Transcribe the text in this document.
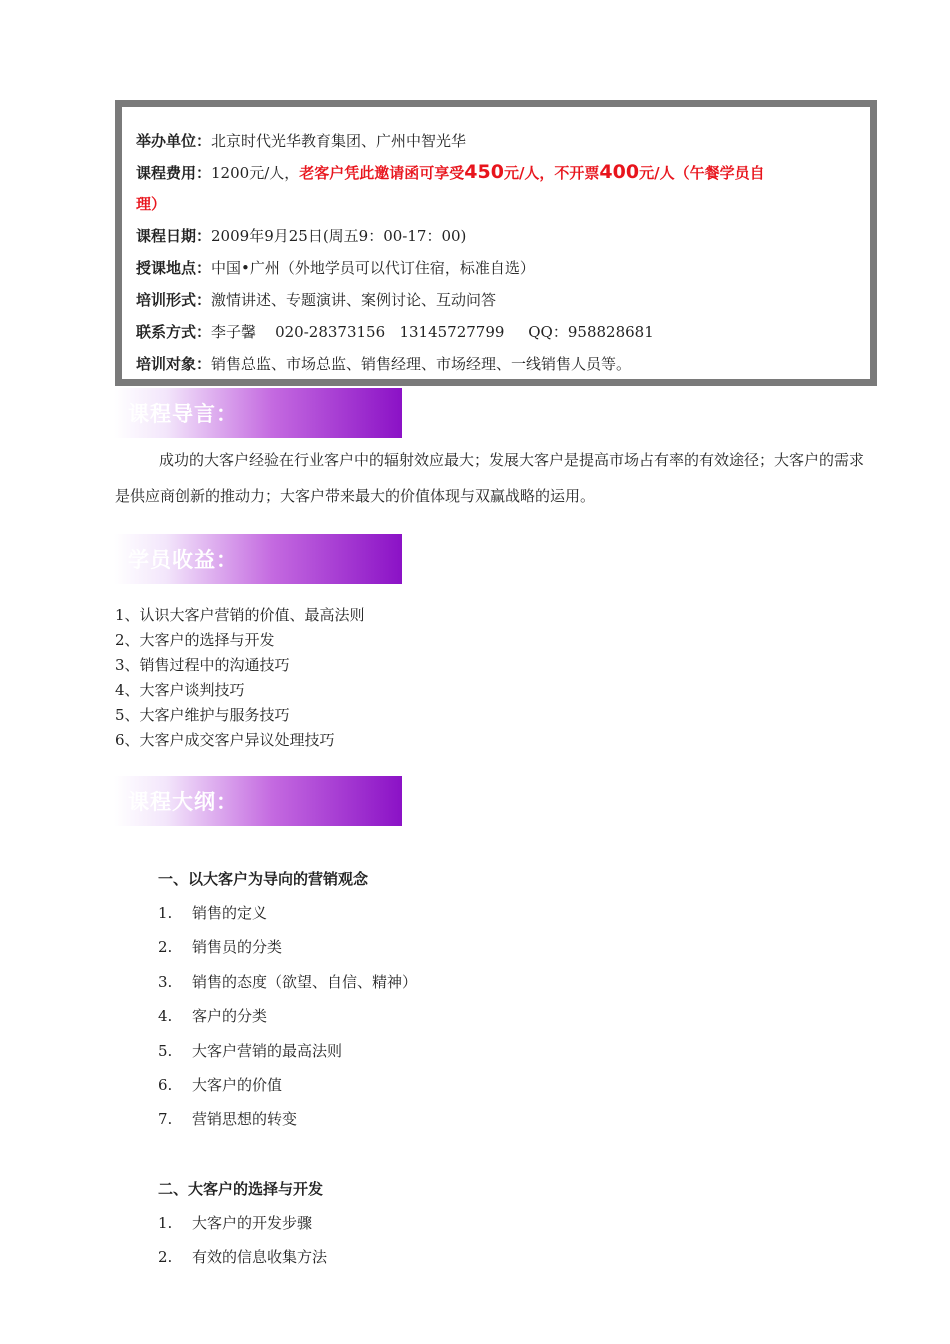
举办单位：北京时代光华教育集团、广州中智光华
课程费用：1200元/人，老客户凭此邀请函可享受450元/人，不开票400元/人（午餐学员自
理）
课程日期：2009年9月25日(周五9：00-17：00)
授课地点：中国•广州（外地学员可以代订住宿，标准自选）
培训形式：激情讲述、专题演讲、案例讨论、互动问答
联系方式：李子馨    020-28373156   13145727799     QQ：958828681
培训对象：销售总监、市场总监、销售经理、市场经理、一线销售人员等。
课程导言：
成功的大客户经验在行业客户中的辐射效应最大；发展大客户是提高市场占有率的有效途径；大客户的需求是供应商创新的推动力；大客户带来最大的价值体现与双赢战略的运用。
学员收益：
1、认识大客户营销的价值、最高法则
2、大客户的选择与开发
3、销售过程中的沟通技巧
4、大客户谈判技巧
5、大客户维护与服务技巧
6、大客户成交客户异议处理技巧
课程大纲：
一、以大客户为导向的营销观念
1. 销售的定义
2. 销售员的分类
3. 销售的态度（欲望、自信、精神）
4. 客户的分类
5. 大客户营销的最高法则
6. 大客户的价值
7. 营销思想的转变
二、大客户的选择与开发
1. 大客户的开发步骤
2. 有效的信息收集方法
